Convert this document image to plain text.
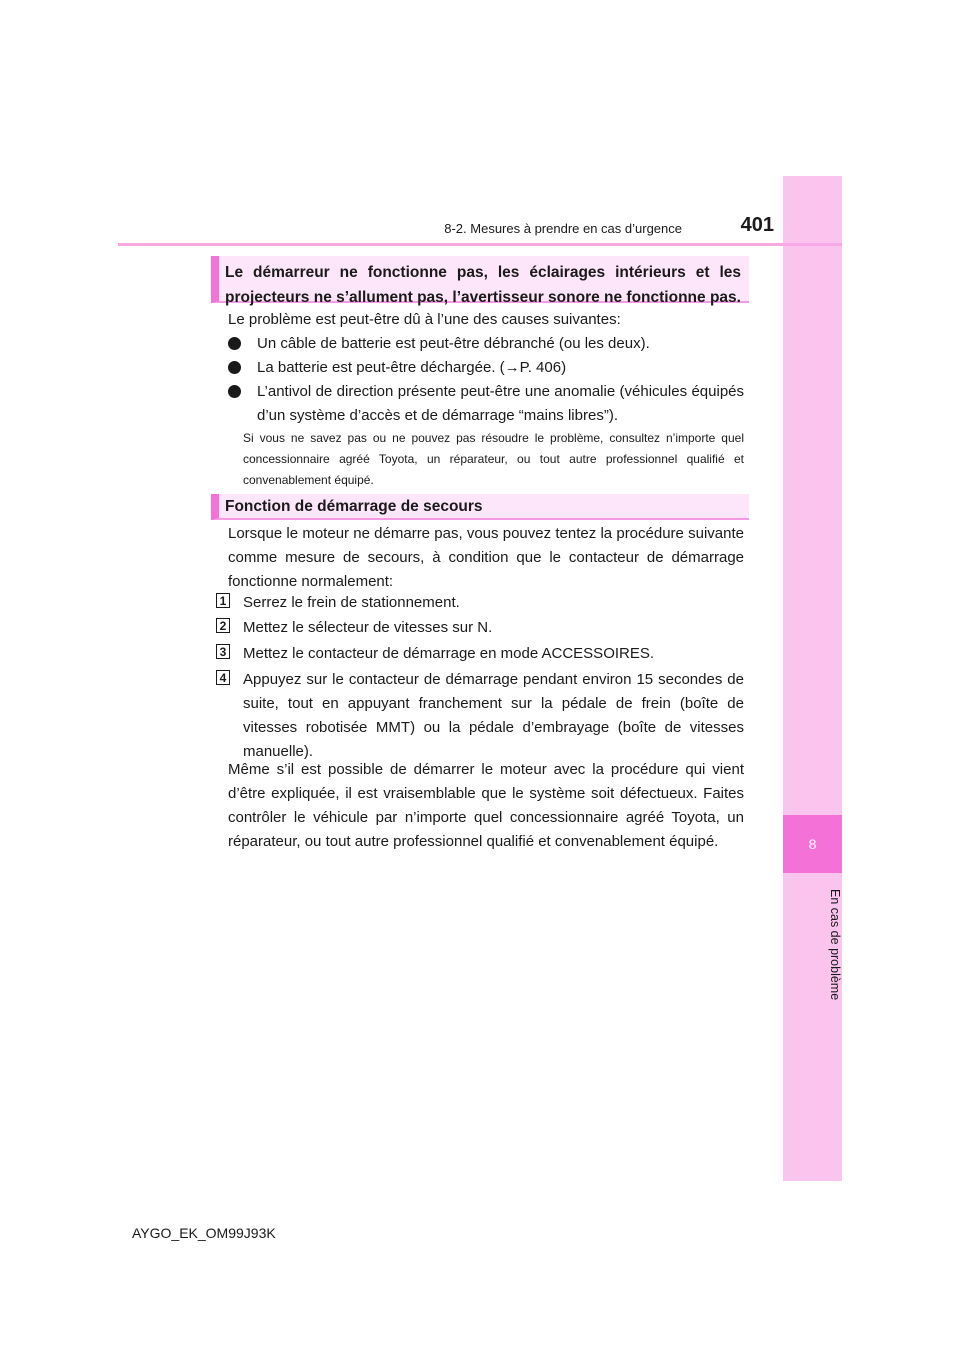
8
En cas de problème
8-2. Mesures à prendre en cas d’urgence	401
Le démarreur ne fonctionne pas, les éclairages intérieurs et les projecteurs ne s’allument pas, l’avertisseur sonore ne fonctionne pas.
Le problème est peut-être dû à l’une des causes suivantes:
Un câble de batterie est peut-être débranché (ou les deux).
La batterie est peut-être déchargée. (→P. 406)
L’antivol de direction présente peut-être une anomalie (véhicules équipés d’un système d’accès et de démarrage “mains libres”).
Si vous ne savez pas ou ne pouvez pas résoudre le problème, consultez n’importe quel concessionnaire agréé Toyota, un réparateur, ou tout autre professionnel qualifié et convenablement équipé.
Fonction de démarrage de secours
Lorsque le moteur ne démarre pas, vous pouvez tentez la procédure suivante comme mesure de secours, à condition que le contacteur de démarrage fonctionne normalement:
1 Serrez le frein de stationnement.
2 Mettez le sélecteur de vitesses sur N.
3 Mettez le contacteur de démarrage en mode ACCESSOIRES.
4 Appuyez sur le contacteur de démarrage pendant environ 15 secondes de suite, tout en appuyant franchement sur la pédale de frein (boîte de vitesses robotisée MMT) ou la pédale d’embrayage (boîte de vitesses manuelle).
Même s’il est possible de démarrer le moteur avec la procédure qui vient d’être expliquée, il est vraisemblable que le système soit défectueux. Faites contrôler le véhicule par n’importe quel concessionnaire agréé Toyota, un réparateur, ou tout autre professionnel qualifié et convenablement équipé.
AYGO_EK_OM99J93K
